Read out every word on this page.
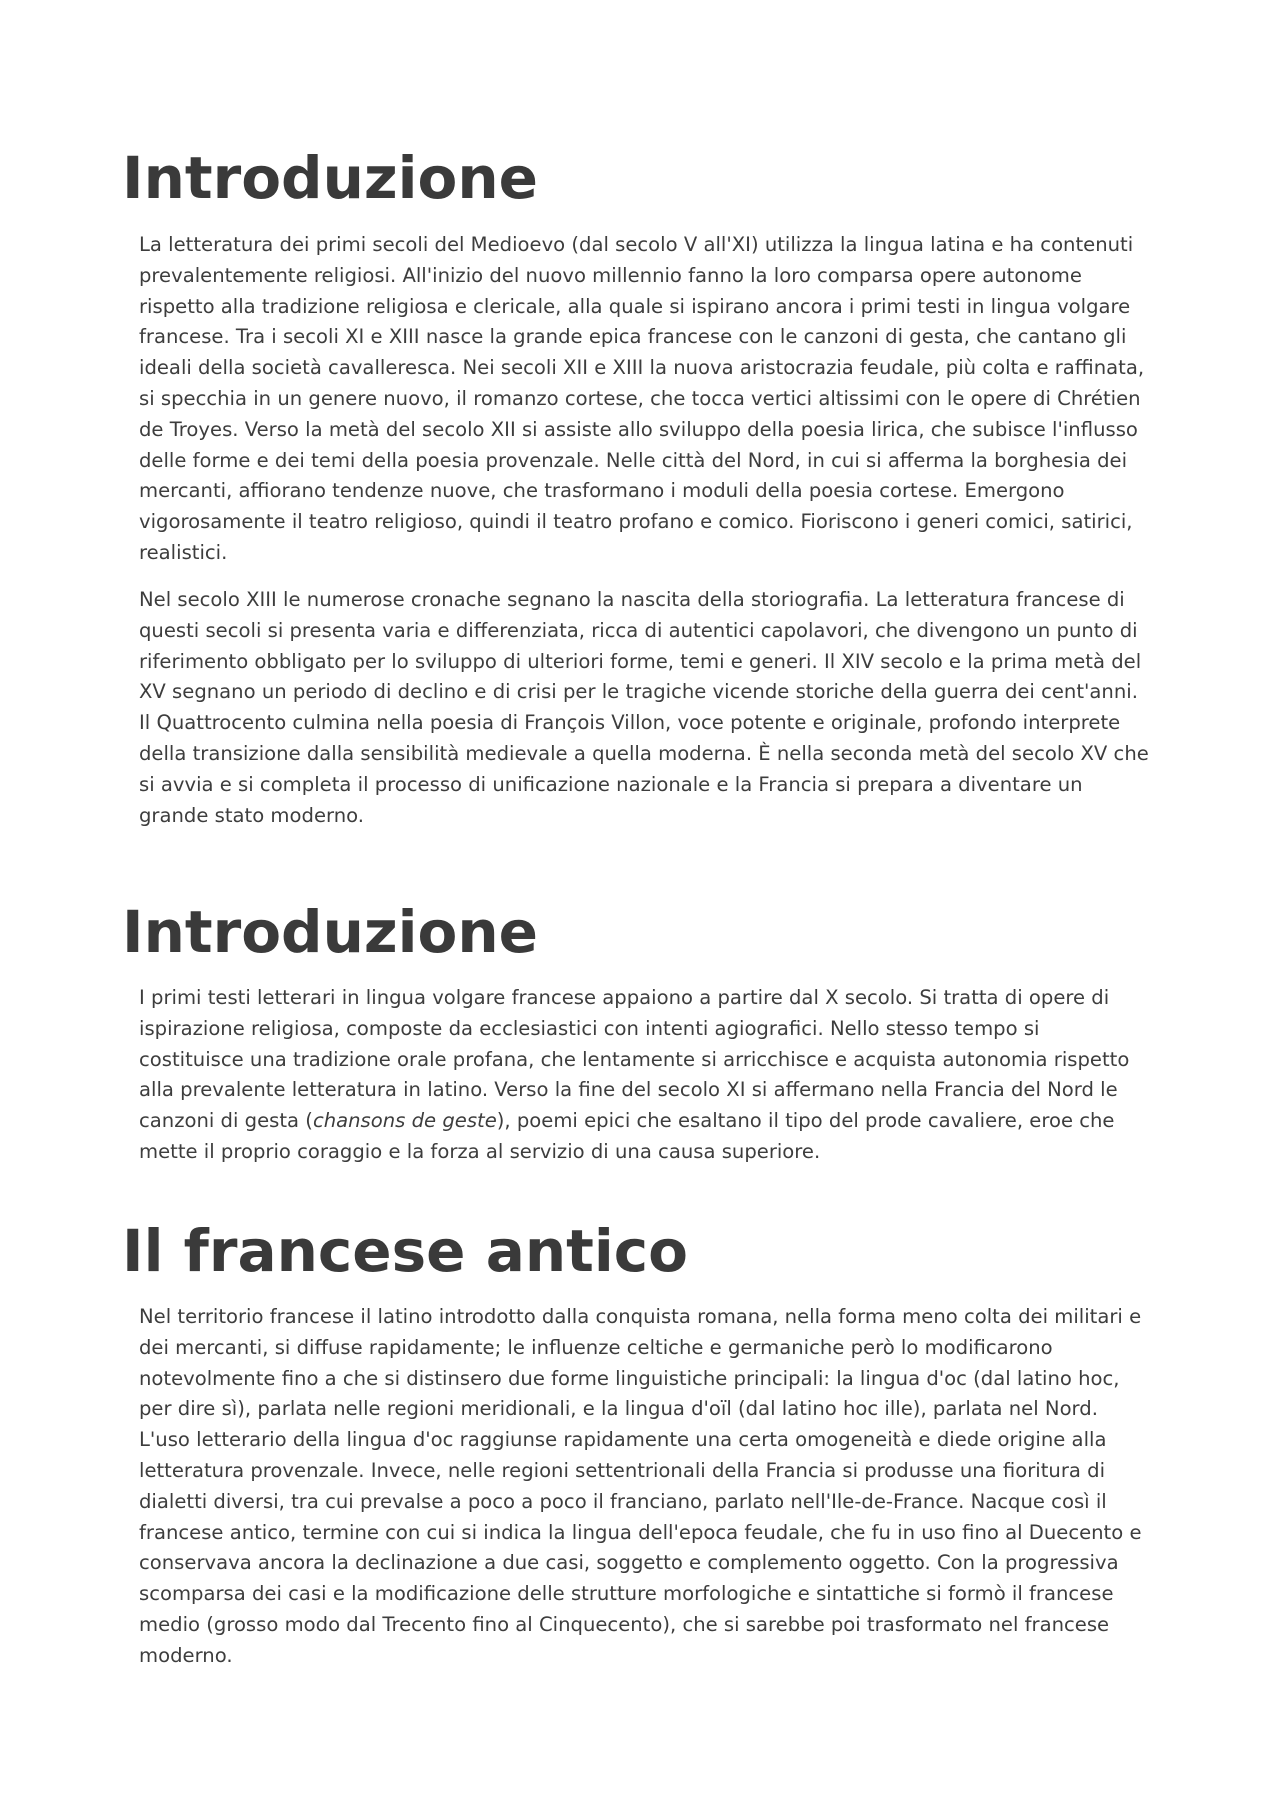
Introduzione

La letteratura dei primi secoli del Medioevo (dal secolo V all'XI) utilizza la lingua latina e ha contenuti prevalentemente religiosi. All'inizio del nuovo millennio fanno la loro comparsa opere autonome rispetto alla tradizione religiosa e clericale, alla quale si ispirano ancora i primi testi in lingua volgare francese. Tra i secoli XI e XIII nasce la grande epica francese con le canzoni di gesta, che cantano gli ideali della società cavalleresca. Nei secoli XII e XIII la nuova aristocrazia feudale, più colta e raffinata, si specchia in un genere nuovo, il romanzo cortese, che tocca vertici altissimi con le opere di Chrétien de Troyes. Verso la metà del secolo XII si assiste allo sviluppo della poesia lirica, che subisce l'influsso delle forme e dei temi della poesia provenzale. Nelle città del Nord, in cui si afferma la borghesia dei mercanti, affiorano tendenze nuove, che trasformano i moduli della poesia cortese. Emergono vigorosamente il teatro religioso, quindi il teatro profano e comico. Fioriscono i generi comici, satirici, realistici.

Nel secolo XIII le numerose cronache segnano la nascita della storiografia. La letteratura francese di questi secoli si presenta varia e differenziata, ricca di autentici capolavori, che divengono un punto di riferimento obbligato per lo sviluppo di ulteriori forme, temi e generi. Il XIV secolo e la prima metà del XV segnano un periodo di declino e di crisi per le tragiche vicende storiche della guerra dei cent'anni. Il Quattrocento culmina nella poesia di François Villon, voce potente e originale, profondo interprete della transizione dalla sensibilità medievale a quella moderna. È nella seconda metà del secolo XV che si avvia e si completa il processo di unificazione nazionale e la Francia si prepara a diventare un grande stato moderno.

Introduzione

I primi testi letterari in lingua volgare francese appaiono a partire dal X secolo. Si tratta di opere di ispirazione religiosa, composte da ecclesiastici con intenti agiografici. Nello stesso tempo si costituisce una tradizione orale profana, che lentamente si arricchisce e acquista autonomia rispetto alla prevalente letteratura in latino. Verso la fine del secolo XI si affermano nella Francia del Nord le canzoni di gesta (chansons de geste), poemi epici che esaltano il tipo del prode cavaliere, eroe che mette il proprio coraggio e la forza al servizio di una causa superiore.

Il francese antico

Nel territorio francese il latino introdotto dalla conquista romana, nella forma meno colta dei militari e dei mercanti, si diffuse rapidamente; le influenze celtiche e germaniche però lo modificarono notevolmente fino a che si distinsero due forme linguistiche principali: la lingua d'oc (dal latino hoc, per dire sì), parlata nelle regioni meridionali, e la lingua d'oïl (dal latino hoc ille), parlata nel Nord. L'uso letterario della lingua d'oc raggiunse rapidamente una certa omogeneità e diede origine alla letteratura provenzale. Invece, nelle regioni settentrionali della Francia si produsse una fioritura di dialetti diversi, tra cui prevalse a poco a poco il franciano, parlato nell'Ile-de-France. Nacque così il francese antico, termine con cui si indica la lingua dell'epoca feudale, che fu in uso fino al Duecento e conservava ancora la declinazione a due casi, soggetto e complemento oggetto. Con la progressiva scomparsa dei casi e la modificazione delle strutture morfologiche e sintattiche si formò il francese medio (grosso modo dal Trecento fino al Cinquecento), che si sarebbe poi trasformato nel francese moderno.
